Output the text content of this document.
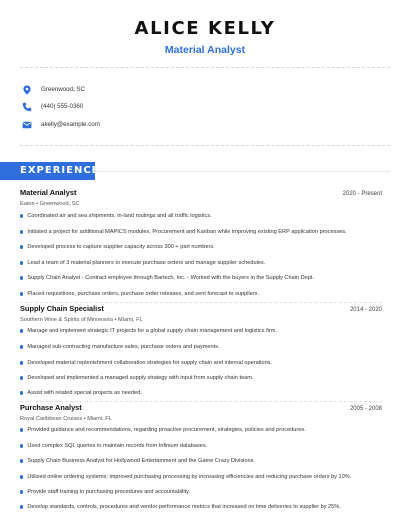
ALICE KELLY
Material Analyst
Greenwood, SC
(440) 555-0360
akelly@example.com
EXPERIENCE
Material Analyst	2020 - Present
Eaton • Greenwood, SC
Coordinated air and sea shipments, in-land routings and all traffic logistics.
Initiated a project for additional MAPICS modules, Procurement and Kanban while improving existing ERP application processes.
Developed process to capture supplier capacity across 300 + part numbers.
Lead a team of 3 material planners to execute purchase orders and manage supplier schedules.
Supply Chain Analyst - Contract employee through Bartech, Inc. - Worked with the buyers in the Supply Chain Dept.
Placed requisitions, purchase orders, purchase order releases, and sent forecast to suppliers.
Supply Chain Specialist	2014 - 2020
Southern Wine & Spirits of Minnesota • Miami, FL
Manage and implement strategic IT projects for a global supply chain management and logistics firm.
Managed sub-contracting manufacture sales, purchase orders and payments.
Developed material replenishment collaboration strategies for supply chain and internal operations.
Developed and implemented a managed supply strategy with input from supply chain team.
Assist with related special projects as needed.
Purchase Analyst	2005 - 2008
Royal Caribbean Cruises • Miami, FL
Provided guidance and recommendations, regarding proactive procurement, strategies, policies and procedures.
Used complex SQL queries to maintain records from Infinium databases.
Supply Chain Business Analyst for Hollywood Entertainment and the Game Crazy Divisions.
Utilized online ordering systems; improved purchasing processing by increasing efficiencies and reducing purchase orders by 10%.
Provide staff training in purchasing procedures and accountability.
Develop standards, controls, procedures and vendor performance metrics that increased on time deliveries to supplier by 25%.
